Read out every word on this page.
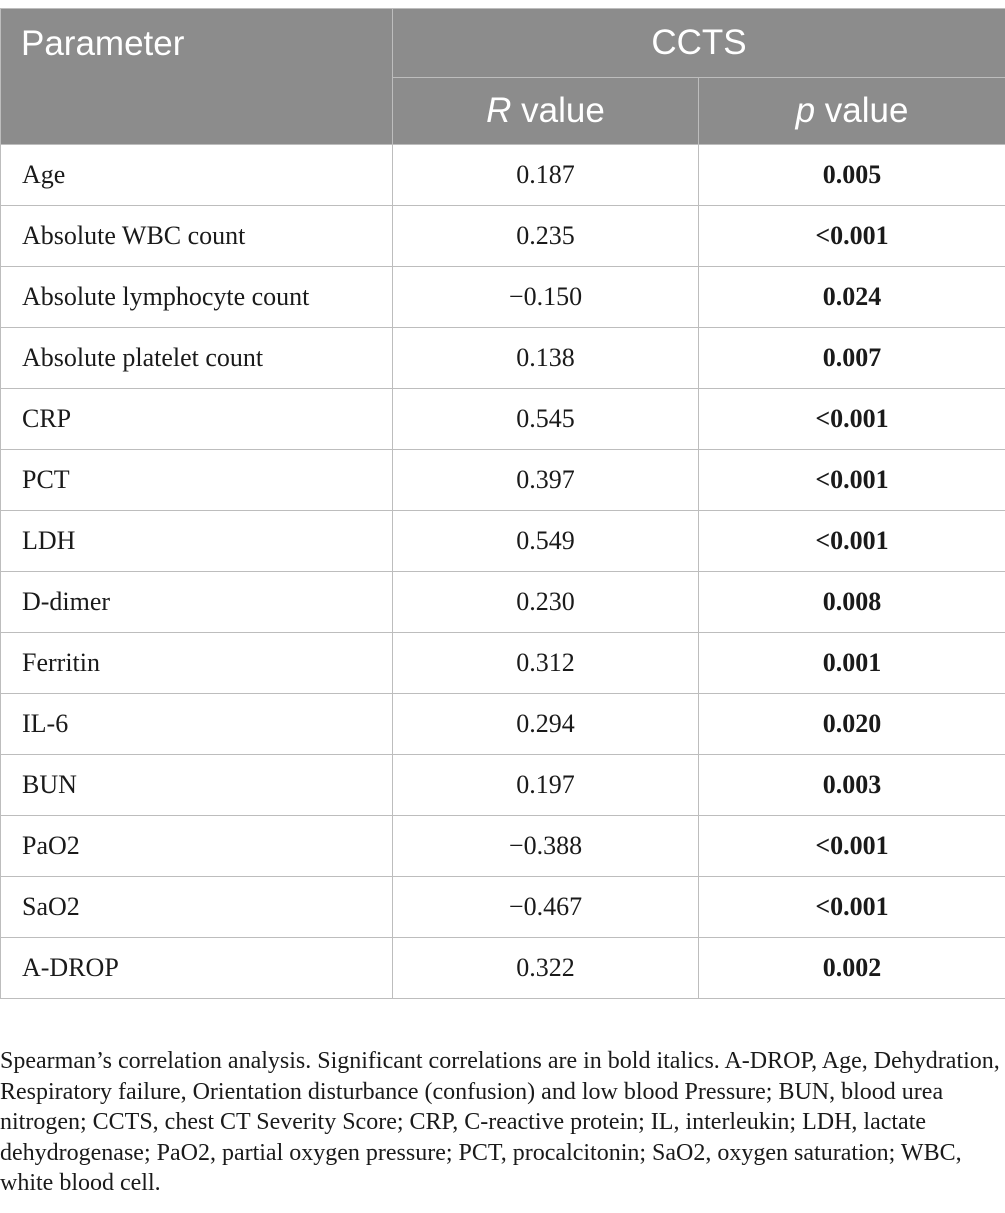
Parameter	CCTS	
	R value	p value
Age	0.187	0.005
Absolute WBC count	0.235	<0.001
Absolute lymphocyte count	−0.150	0.024
Absolute platelet count	0.138	0.007
CRP	0.545	<0.001
PCT	0.397	<0.001
LDH	0.549	<0.001
D-dimer	0.230	0.008
Ferritin	0.312	0.001
IL-6	0.294	0.020
BUN	0.197	0.003
PaO2	−0.388	<0.001
SaO2	−0.467	<0.001
A-DROP	0.322	0.002

Spearman’s correlation analysis. Significant correlations are in bold italics. A-DROP, Age, Dehydration, Respiratory failure, Orientation disturbance (confusion) and low blood Pressure; BUN, blood urea nitrogen; CCTS, chest CT Severity Score; CRP, C-reactive protein; IL, interleukin; LDH, lactate dehydrogenase; PaO2, partial oxygen pressure; PCT, procalcitonin; SaO2, oxygen saturation; WBC, white blood cell.
